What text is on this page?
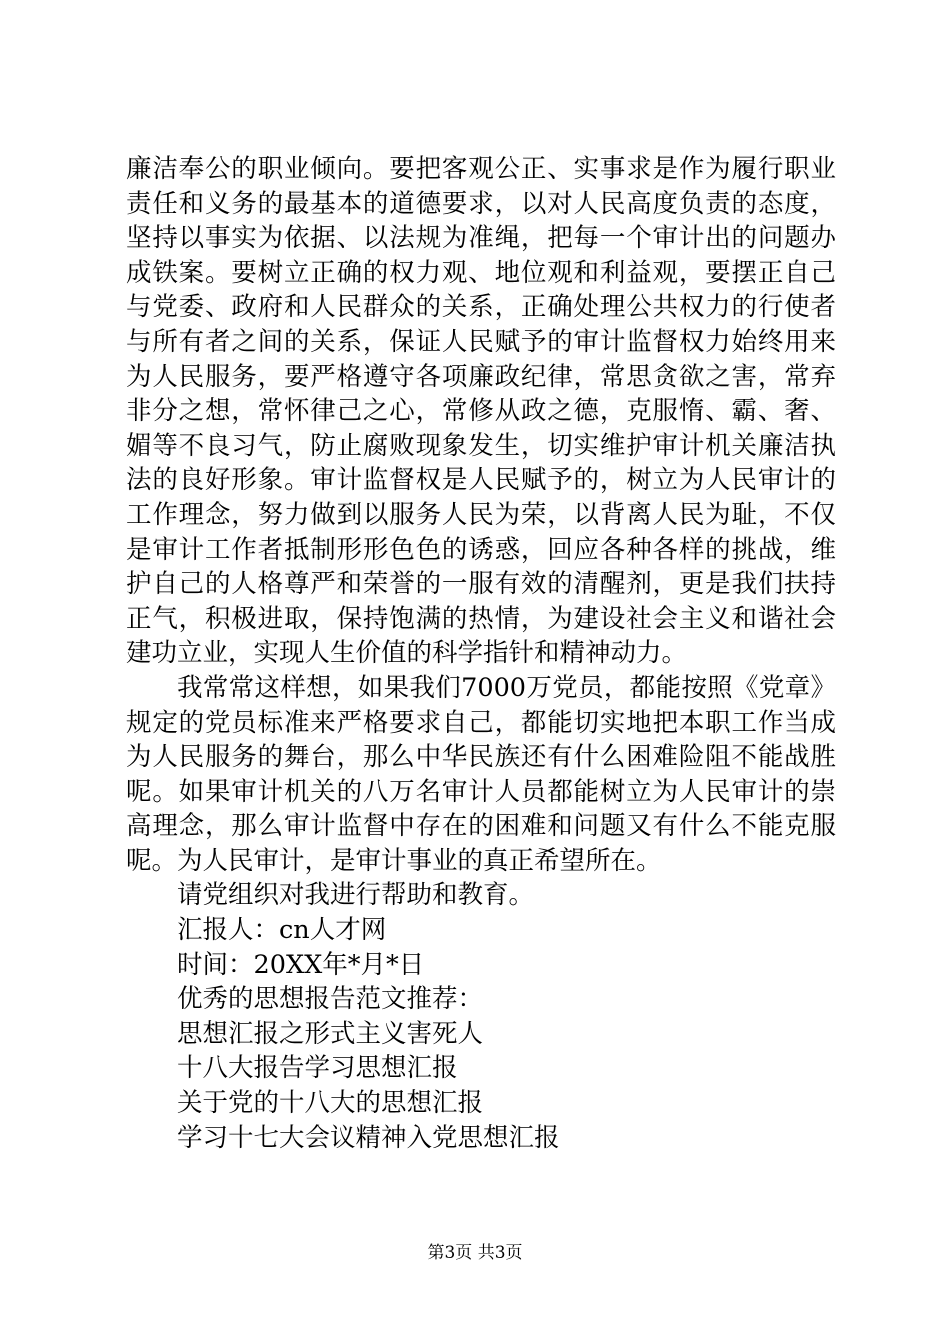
廉洁奉公的职业倾向。要把客观公正、实事求是作为履行职业责任和义务的最基本的道德要求，以对人民高度负责的态度，坚持以事实为依据、以法规为准绳，把每一个审计出的问题办成铁案。要树立正确的权力观、地位观和利益观，要摆正自己与党委、政府和人民群众的关系，正确处理公共权力的行使者与所有者之间的关系，保证人民赋予的审计监督权力始终用来为人民服务，要严格遵守各项廉政纪律，常思贪欲之害，常弃非分之想，常怀律己之心，常修从政之德，克服惰、霸、奢、媚等不良习气，防止腐败现象发生，切实维护审计机关廉洁执法的良好形象。审计监督权是人民赋予的，树立为人民审计的工作理念，努力做到以服务人民为荣，以背离人民为耻，不仅是审计工作者抵制形形色色的诱惑，回应各种各样的挑战，维护自己的人格尊严和荣誉的一服有效的清醒剂，更是我们扶持正气，积极进取，保持饱满的热情，为建设社会主义和谐社会建功立业，实现人生价值的科学指针和精神动力。

我常常这样想，如果我们7000万党员，都能按照《党章》规定的党员标准来严格要求自己，都能切实地把本职工作当成为人民服务的舞台，那么中华民族还有什么困难险阻不能战胜呢。如果审计机关的八万名审计人员都能树立为人民审计的崇高理念，那么审计监督中存在的困难和问题又有什么不能克服呢。为人民审计，是审计事业的真正希望所在。

请党组织对我进行帮助和教育。

汇报人：cn人才网

时间：20XX年*月*日

优秀的思想报告范文推荐：

思想汇报之形式主义害死人

十八大报告学习思想汇报

关于党的十八大的思想汇报

学习十七大会议精神入党思想汇报

第3页 共3页
